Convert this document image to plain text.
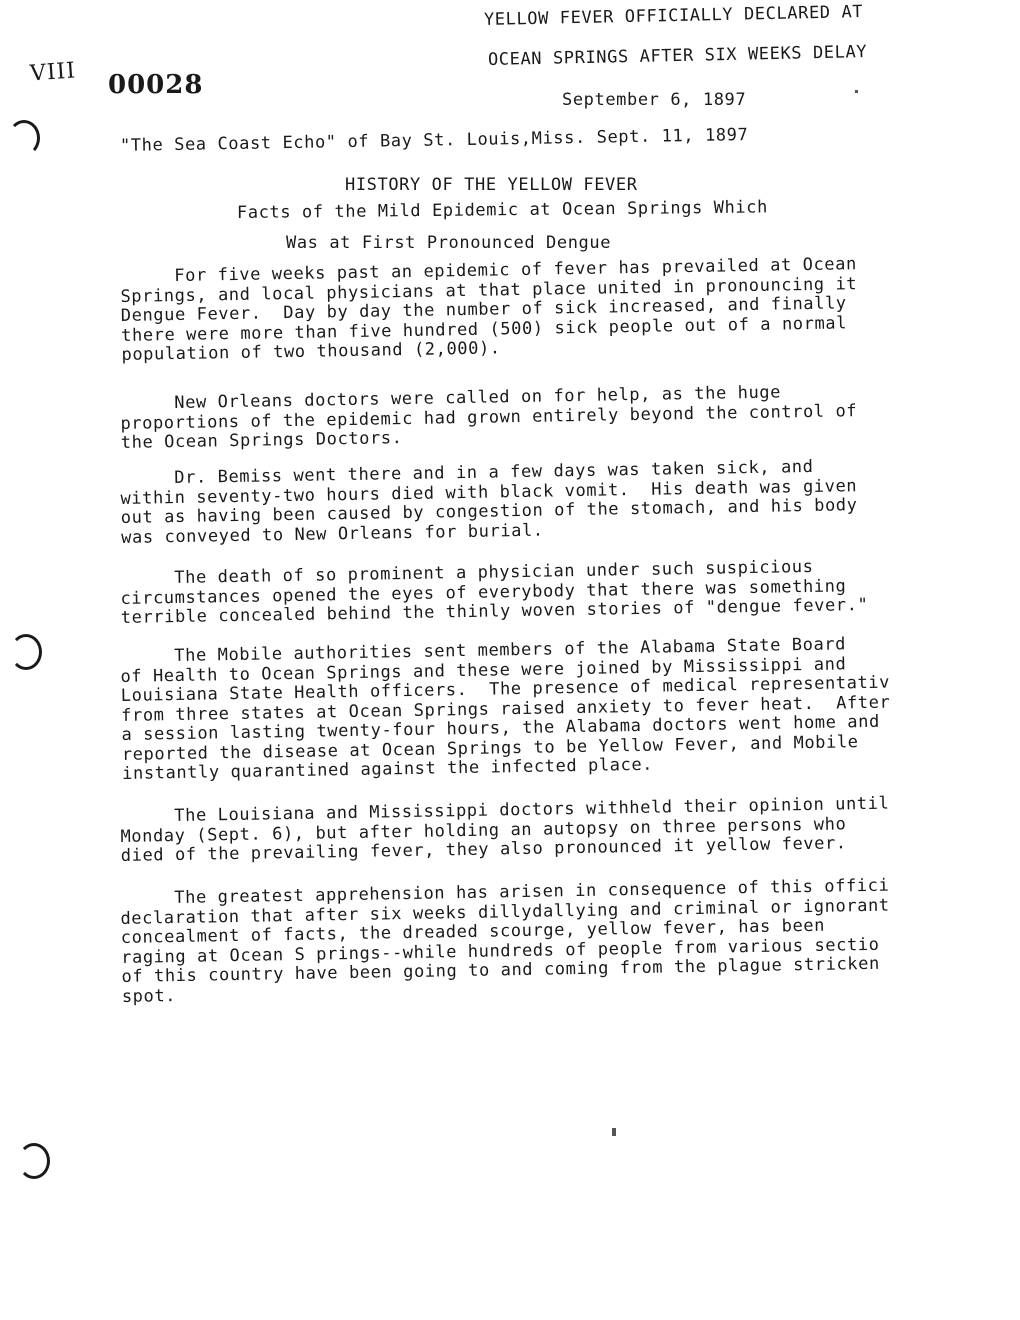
VIII 00028
YELLOW FEVER OFFICIALLY DECLARED AT
OCEAN SPRINGS AFTER SIX WEEKS DELAY
September 6, 1897
"The Sea Coast Echo" of Bay St. Louis,Miss. Sept. 11, 1897
HISTORY OF THE YELLOW FEVER
Facts of the Mild Epidemic at Ocean Springs Which
Was at First Pronounced Dengue

For five weeks past an epidemic of fever has prevailed at Ocean
Springs, and local physicians at that place united in pronouncing it
Dengue Fever.  Day by day the number of sick increased, and finally
there were more than five hundred (500) sick people out of a normal
population of two thousand (2,000).

New Orleans doctors were called on for help, as the huge
proportions of the epidemic had grown entirely beyond the control of
the Ocean Springs Doctors.

Dr. Bemiss went there and in a few days was taken sick, and
within seventy-two hours died with black vomit.  His death was given
out as having been caused by congestion of the stomach, and his body
was conveyed to New Orleans for burial.

The death of so prominent a physician under such suspicious
circumstances opened the eyes of everybody that there was something
terrible concealed behind the thinly woven stories of "dengue fever."

The Mobile authorities sent members of the Alabama State Board
of Health to Ocean Springs and these were joined by Mississippi and
Louisiana State Health officers.  The presence of medical representativ
from three states at Ocean Springs raised anxiety to fever heat.  After
a session lasting twenty-four hours, the Alabama doctors went home and
reported the disease at Ocean Springs to be Yellow Fever, and Mobile
instantly quarantined against the infected place.

The Louisiana and Mississippi doctors withheld their opinion until
Monday (Sept. 6), but after holding an autopsy on three persons who
died of the prevailing fever, they also pronounced it yellow fever.

The greatest apprehension has arisen in consequence of this offici
declaration that after six weeks dillydallying and criminal or ignorant
concealment of facts, the dreaded scourge, yellow fever, has been
raging at Ocean S prings--while hundreds of people from various sectio
of this country have been going to and coming from the plague stricken
spot.
